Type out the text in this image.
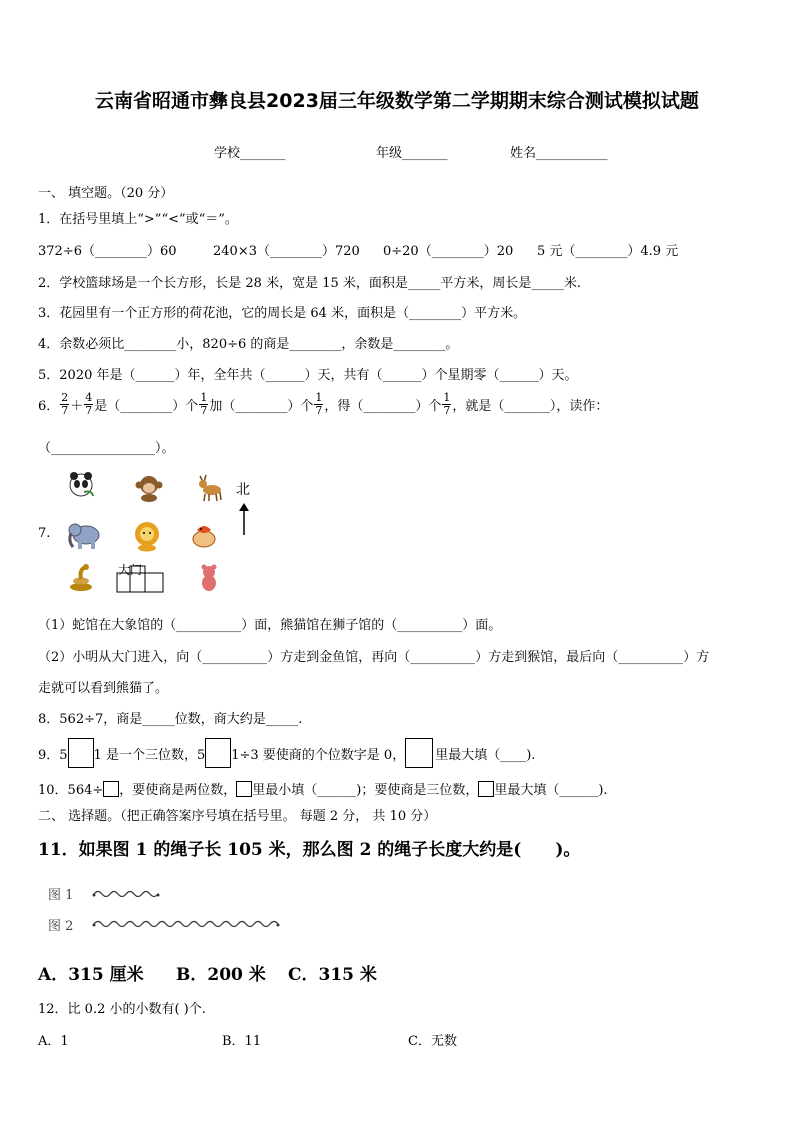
云南省昭通市彝良县2023届三年级数学第二学期期末综合测试模拟试题
学校_______	年级_______	姓名___________
一、 填空题。（20 分）
1．在括号里填上“>”“<”或“＝”。
372÷6（________）60	240×3（________）720 0÷20（________）20 5 元（________）4.9 元
2．学校篮球场是一个长方形，长是 28 米，宽是 15 米，面积是_____平方米，周长是_____米.
3．花园里有一个正方形的荷花池，它的周长是 64 米，面积是（________）平方米。
4．余数必须比________小，820÷6 的商是________，余数是________。
5．2020 年是（______）年，全年共（______）天，共有（______）个星期零（______）天。
6． $\frac{2}{7} + \frac{4}{7}$ 是（________）个 $\frac{1}{7}$ 加（________）个 $\frac{1}{7}$ ，得（________）个 $\frac{1}{7}$ ，就是（_______），读作：
（________________）。
7.
北
大门
（1）蛇馆在大象馆的（__________）面，熊猫馆在狮子馆的（__________）面。
（2）小明从大门进入，向（__________）方走到金鱼馆，再向（__________）方走到猴馆，最后向（__________）方
走就可以看到熊猫了。
8．562÷7，商是_____位数，商大约是_____.
9．5 1 是一个三位数，5 1÷3 要使商的个位数字是 0， 里最大填（____).
10．564÷ ，要使商是两位数， 里最小填（______)；要使商是三位数， 里最大填（______).
二、 选择题。（把正确答案序号填在括号里。 每题 2 分， 共 10 分）
11．如果图 1 的绳子长 105 米，那么图 2 的绳子长度大约是(　　)。
图 1
图 2
A．315 厘米 B．200 米 C．315 米
12．比 0.2 小的小数有( )个.
A．1	B．11	C．无数
